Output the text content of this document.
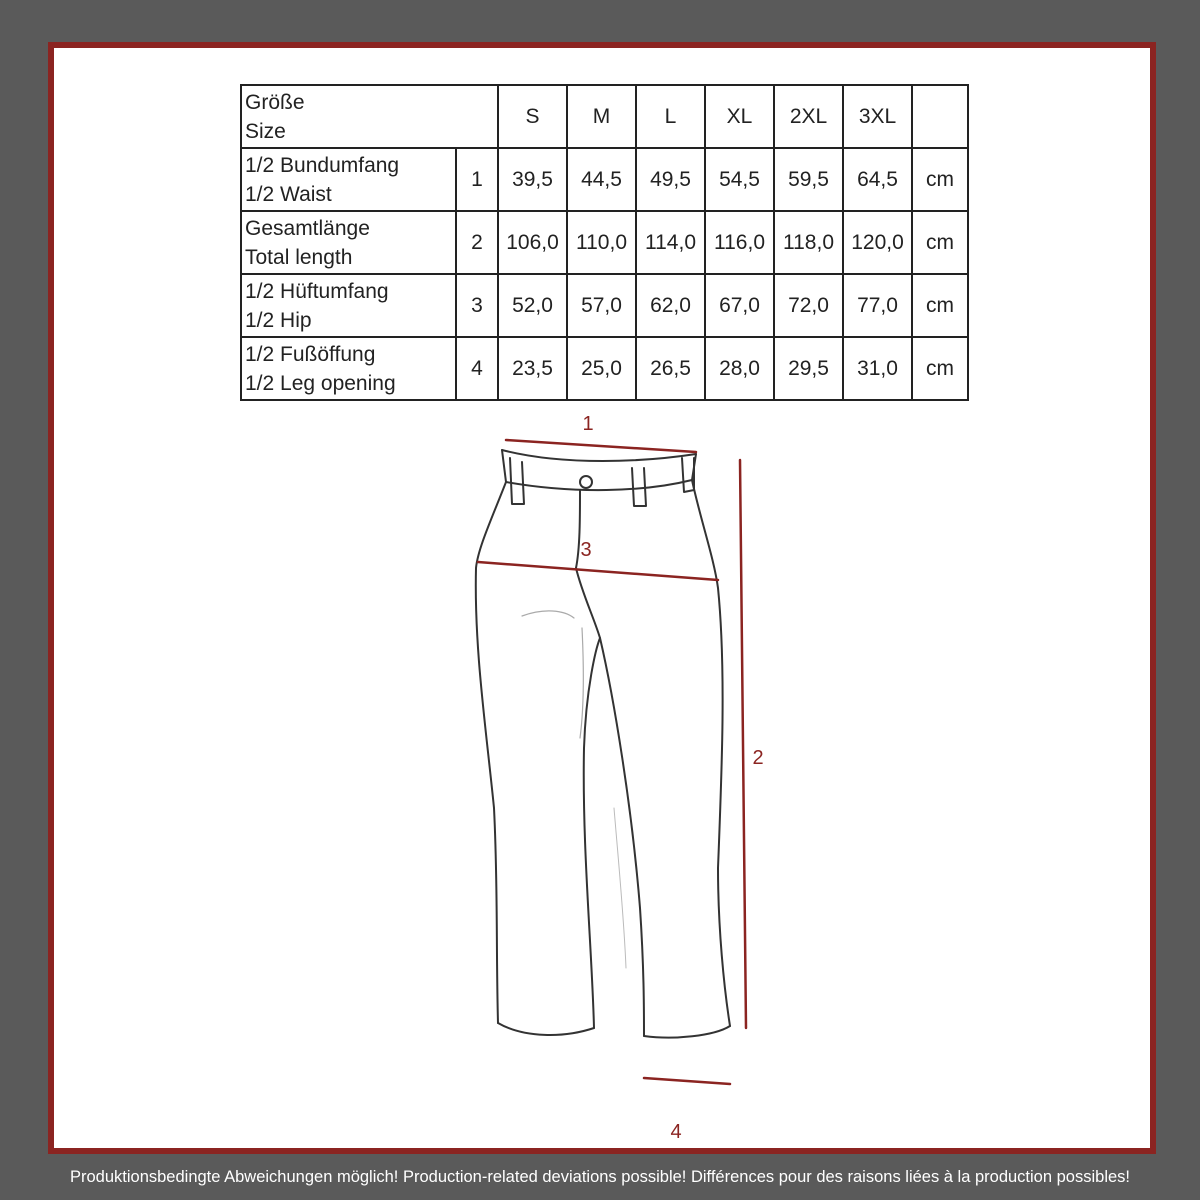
Größe
Size		S	M	L	XL	2XL	3XL	

1/2 Bundumfang
1/2 Waist	1	39,5	44,5	49,5	54,5	59,5	64,5	cm

Gesamtlänge
Total length	2	106,0	110,0	114,0	116,0	118,0	120,0	cm

1/2 Hüftumfang
1/2 Hip	3	52,0	57,0	62,0	67,0	72,0	77,0	cm

1/2 Fußöffung
1/2 Leg opening	4	23,5	25,0	26,5	28,0	29,5	31,0	cm
1
2
3
4
Produktionsbedingte Abweichungen möglich! Production-related deviations possible! Différences pour des raisons liées à la production possibles!
